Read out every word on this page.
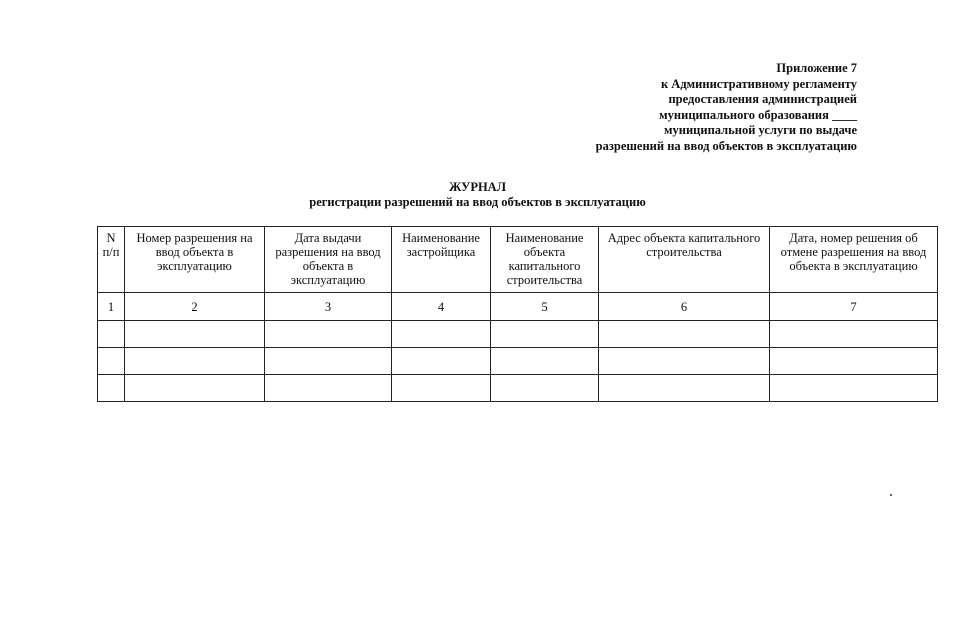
Приложение 7
к Административному регламенту
предоставления администрацией
муниципального образования ____
муниципальной услуги по выдаче
разрешений на ввод объектов в эксплуатацию
ЖУРНАЛ
регистрации разрешений на ввод объектов в эксплуатацию
N п/п	Номер разрешения на ввод объекта в эксплуатацию	Дата выдачи разрешения на ввод объекта в эксплуатацию	Наименование застройщика	Наименование объекта капитального строительства	Адрес объекта капитального строительства	Дата, номер решения об отмене разрешения на ввод объекта в эксплуатацию
1	2	3	4	5	6	7
